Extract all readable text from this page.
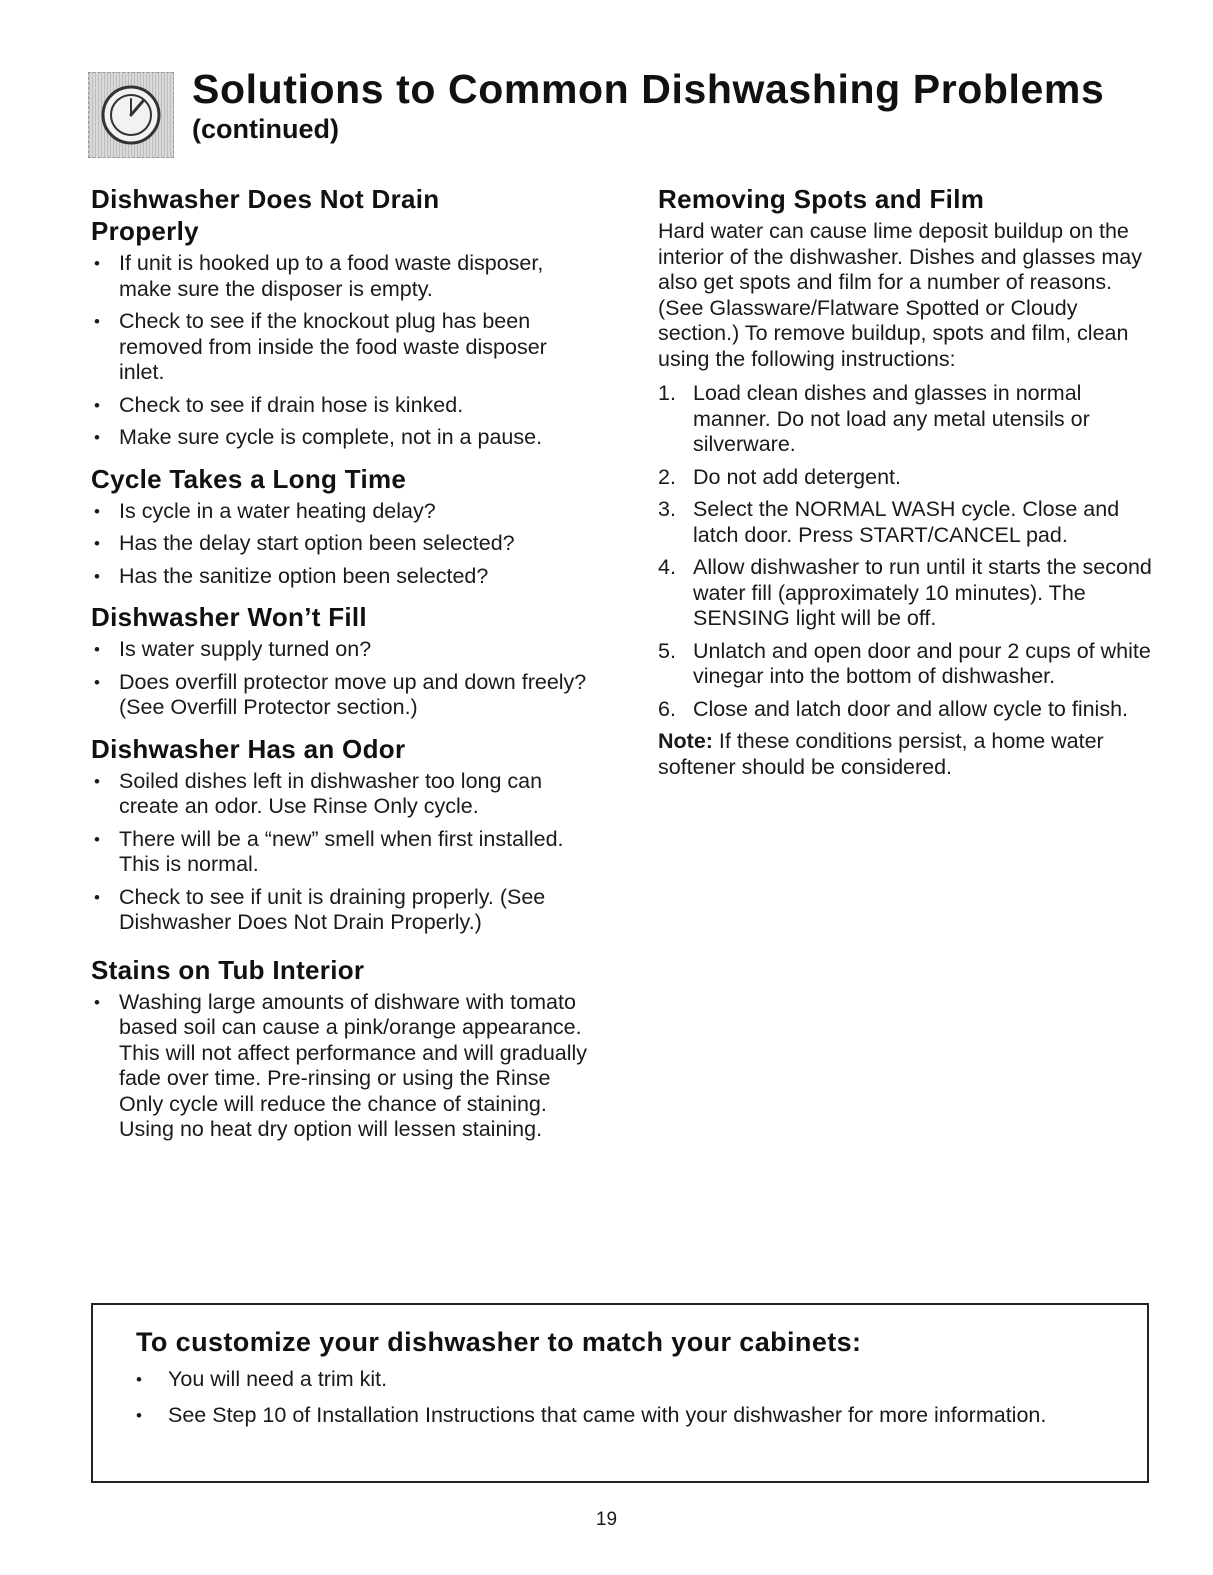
Solutions to Common Dishwashing Problems
(continued)
Dishwasher Does Not Drain Properly
• If unit is hooked up to a food waste disposer, make sure the disposer is empty.
• Check to see if the knockout plug has been removed from inside the food waste disposer inlet.
• Check to see if drain hose is kinked.
• Make sure cycle is complete, not in a pause.
Cycle Takes a Long Time
• Is cycle in a water heating delay?
• Has the delay start option been selected?
• Has the sanitize option been selected?
Dishwasher Won’t Fill
• Is water supply turned on?
• Does overfill protector move up and down freely? (See Overfill Protector section.)
Dishwasher Has an Odor
• Soiled dishes left in dishwasher too long can create an odor. Use Rinse Only cycle.
• There will be a “new” smell when first installed. This is normal.
• Check to see if unit is draining properly. (See Dishwasher Does Not Drain Properly.)
Stains on Tub Interior
• Washing large amounts of dishware with tomato based soil can cause a pink/orange appearance. This will not affect performance and will gradually fade over time. Pre-rinsing or using the Rinse Only cycle will reduce the chance of staining. Using no heat dry option will lessen staining.
Removing Spots and Film

Hard water can cause lime deposit buildup on the interior of the dishwasher. Dishes and glasses may also get spots and film for a number of reasons. (See Glassware/Flatware Spotted or Cloudy section.) To remove buildup, spots and film, clean using the following instructions:

1. Load clean dishes and glasses in normal manner. Do not load any metal utensils or silverware.
2. Do not add detergent.
3. Select the NORMAL WASH cycle. Close and latch door. Press START/CANCEL pad.
4. Allow dishwasher to run until it starts the second water fill (approximately 10 minutes). The SENSING light will be off.
5. Unlatch and open door and pour 2 cups of white vinegar into the bottom of dishwasher.
6. Close and latch door and allow cycle to finish.

Note: If these conditions persist, a home water softener should be considered.

To customize your dishwasher to match your cabinets:
• You will need a trim kit.
• See Step 10 of Installation Instructions that came with your dishwasher for more information.
19
